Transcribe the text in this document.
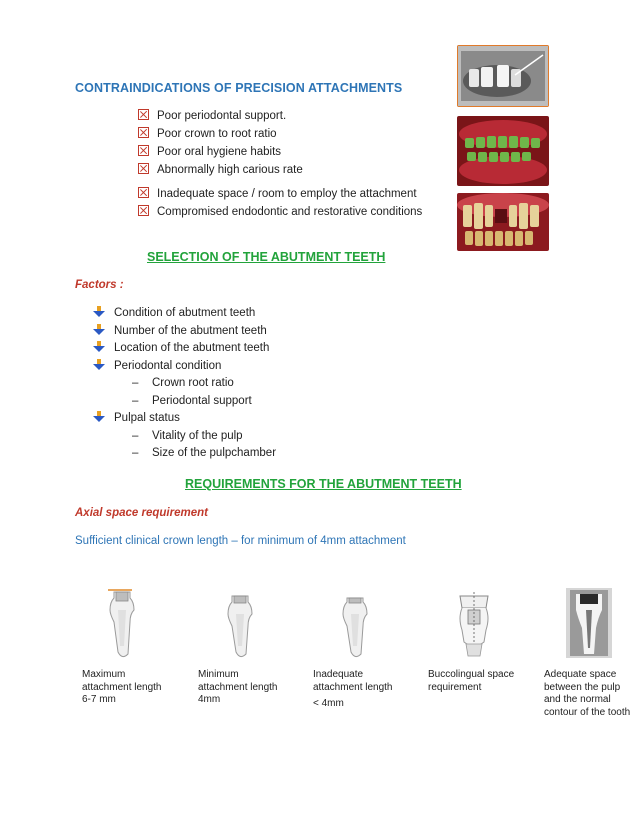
CONTRAINDICATIONS OF PRECISION ATTACHMENTS
Poor periodontal support.
Poor crown to root ratio
Poor oral hygiene habits
Abnormally high carious rate
Inadequate space / room to employ the attachment
Compromised endodontic and restorative conditions
SELECTION OF THE ABUTMENT TEETH
Factors :
Condition of abutment teeth
Number of the abutment teeth
Location of the abutment teeth
Periodontal condition
– Crown root ratio
– Periodontal support
Pulpal status
– Vitality of the pulp
– Size of the pulpchamber
REQUIREMENTS FOR THE ABUTMENT TEETH
Axial space requirement
Sufficient clinical crown length – for minimum of 4mm attachment
Maximum
attachment length
6-7 mm
Minimum
attachment length
4mm
Inadequate
attachment length
< 4mm
Buccolingual space
requirement
Adequate space
between the pulp
and the normal
contour of the tooth
